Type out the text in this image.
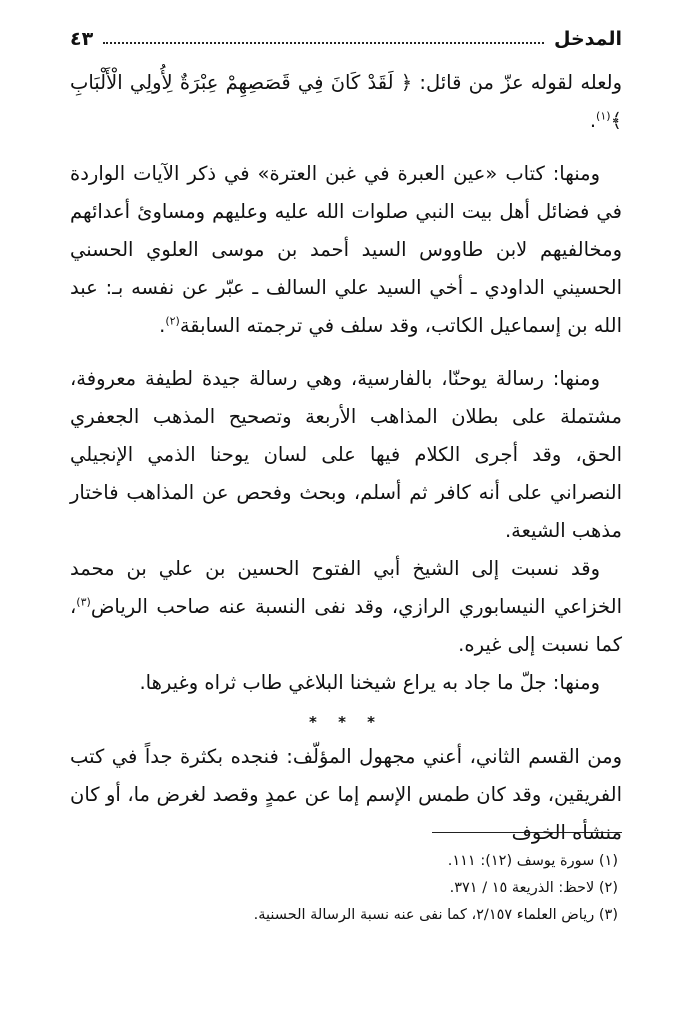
المدخل
٤٣

ولعله لقوله عزّ من قائل: ﴿ لَقَدْ كَانَ فِي قَصَصِهِمْ عِبْرَةٌ لِأُولِي الْأَلْبَابِ ﴾$^{(١)}$.

ومنها: كتاب «عين العبرة في غبن العترة» في ذكر الآيات الواردة في فضائل أهل بيت النبي صلوات الله عليه وعليهم ومساوئ أعدائهم ومخالفيهم لابن طاووس السيد أحمد بن موسى العلوي الحسني الحسيني الداودي ـ أخي السيد علي السالف ـ عبّر عن نفسه بـ: عبد الله بن إسماعيل الكاتب، وقد سلف في ترجمته السابقة$^{(٢)}$.

ومنها: رسالة يوحنّا، بالفارسية، وهي رسالة جيدة لطيفة معروفة، مشتملة على بطلان المذاهب الأربعة وتصحيح المذهب الجعفري الحق، وقد أجرى الكلام فيها على لسان يوحنا الذمي الإنجيلي النصراني على أنه كافر ثم أسلم، وبحث وفحص عن المذاهب فاختار مذهب الشيعة.

وقد نسبت إلى الشيخ أبي الفتوح الحسين بن علي بن محمد الخزاعي النيسابوري الرازي، وقد نفى النسبة عنه صاحب الرياض$^{(٣)}$، كما نسبت إلى غيره.

ومنها: جلّ ما جاد به يراع شيخنا البلاغي طاب ثراه وغيرها.

* * *

ومن القسم الثاني، أعني مجهول المؤلّف: فنجده بكثرة جداً في كتب الفريقين، وقد كان طمس الإسم إما عن عمدٍ وقصد لغرض ما، أو كان منشأه الخوف

(١) سورة يوسف (١٢): ١١١.
(٢) لاحظ: الذريعة ١٥ / ٣٧١.
(٣) رياض العلماء ٢/١٥٧، كما نفى عنه نسبة الرسالة الحسنية.
